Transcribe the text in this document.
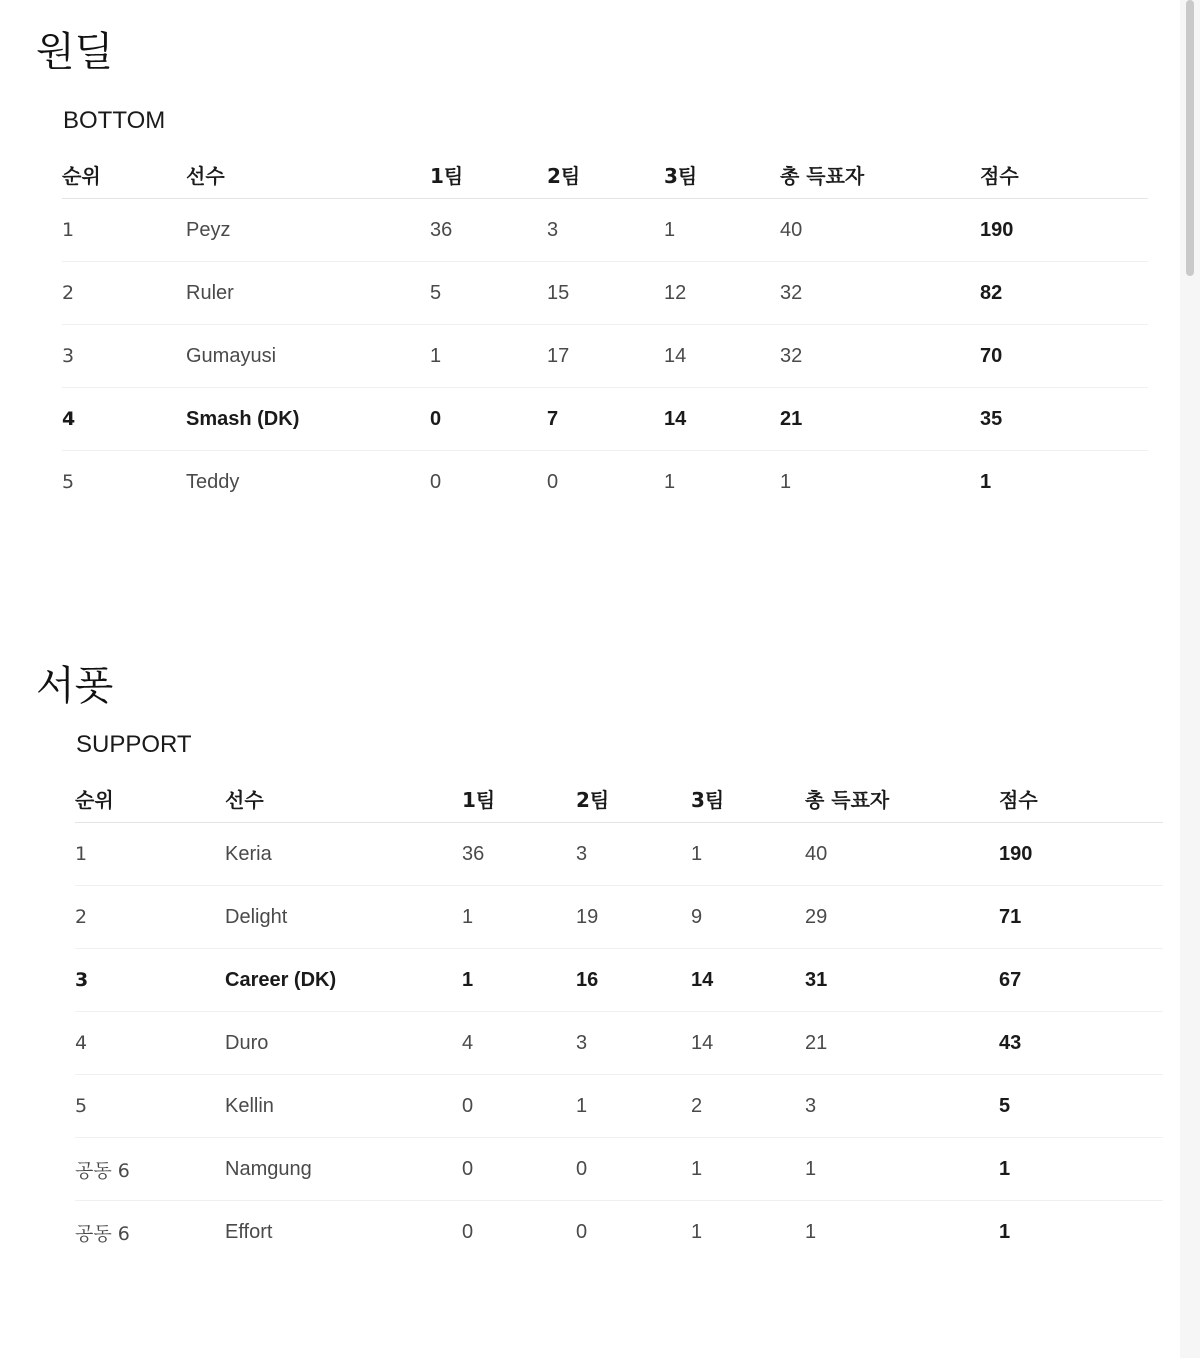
원딜
BOTTOM
순위	선수	1팀	2팀	3팀	총 득표자	점수
1	Peyz	36	3	1	40	190
2	Ruler	5	15	12	32	82
3	Gumayusi	1	17	14	32	70
4	Smash (DK)	0	7	14	21	35
5	Teddy	0	0	1	1	1
서폿
SUPPORT
순위	선수	1팀	2팀	3팀	총 득표자	점수
1	Keria	36	3	1	40	190
2	Delight	1	19	9	29	71
3	Career (DK)	1	16	14	31	67
4	Duro	4	3	14	21	43
5	Kellin	0	1	2	3	5
공동 6	Namgung	0	0	1	1	1
공동 6	Effort	0	0	1	1	1
